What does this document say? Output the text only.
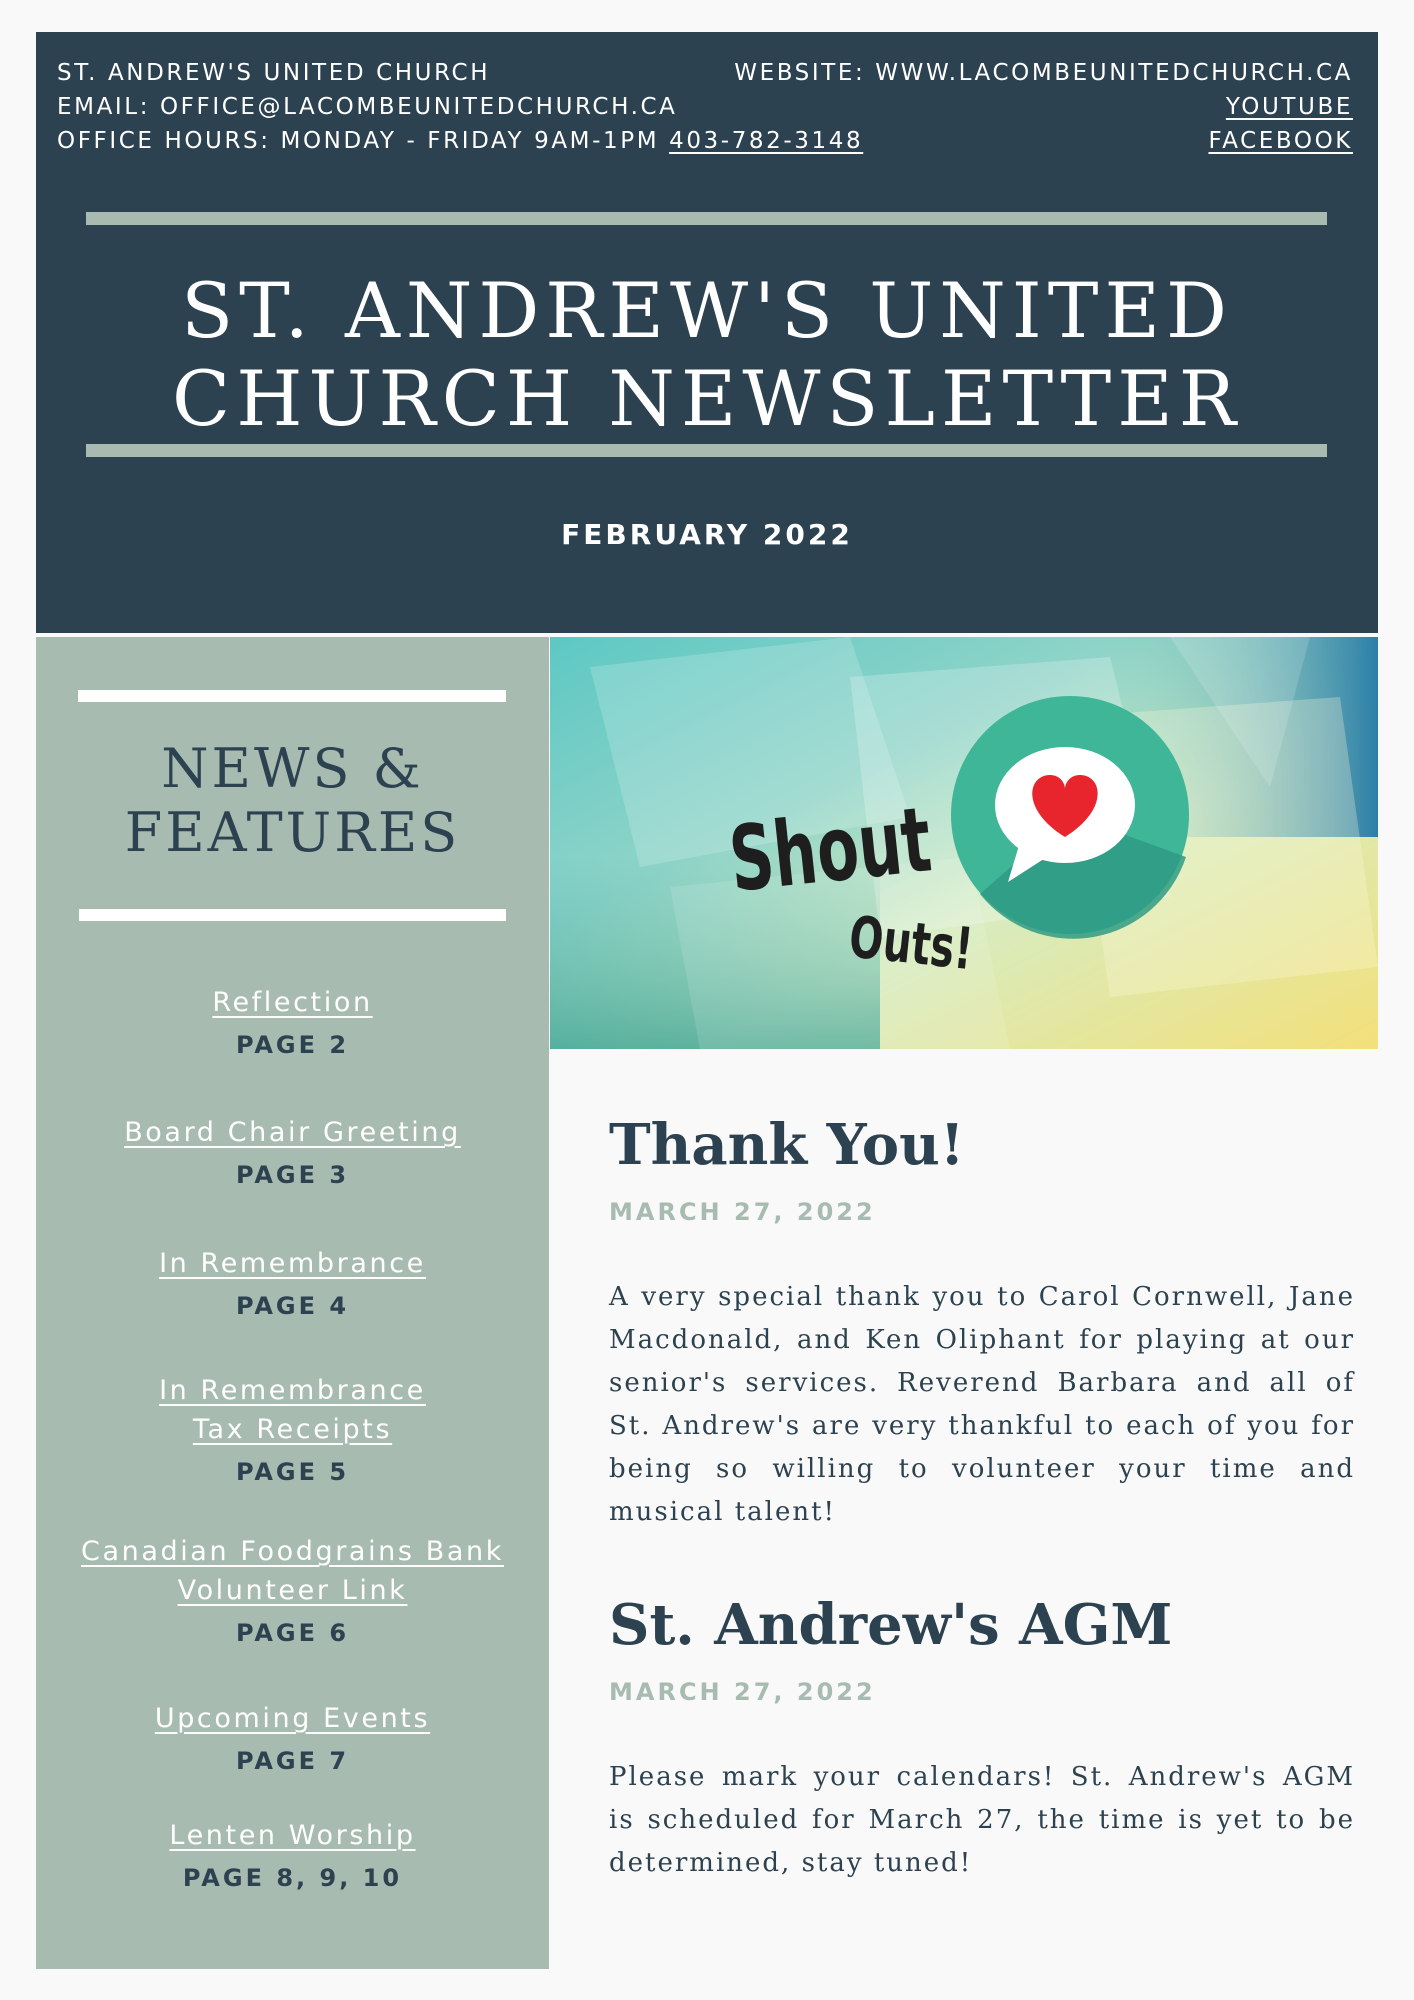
ST. ANDREW'S UNITED CHURCH
EMAIL: OFFICE@LACOMBEUNITEDCHURCH.CA
OFFICE HOURS: MONDAY - FRIDAY 9AM-1PM 403-782-3148
WEBSITE: WWW.LACOMBEUNITEDCHURCH.CA
YOUTUBE
FACEBOOK
ST. ANDREW'S UNITED
CHURCH NEWSLETTER
FEBRUARY 2022
NEWS &
FEATURES
Reflection
PAGE 2
Board Chair Greeting
PAGE 3
In Remembrance
PAGE 4
In Remembrance
Tax Receipts
PAGE 5
Canadian Foodgrains Bank
Volunteer Link
PAGE 6
Upcoming Events
PAGE 7
Lenten Worship
PAGE 8, 9, 10
Shout
Outs!
Thank You!
MARCH 27, 2022
A very special thank you to Carol Cornwell, Jane Macdonald, and Ken Oliphant for playing at our senior's services. Reverend Barbara and all of St. Andrew's are very thankful to each of you for being so willing to volunteer your time and musical talent!
St. Andrew's AGM
MARCH 27, 2022
Please mark your calendars! St. Andrew's AGM is scheduled for March 27, the time is yet to be determined, stay tuned!
